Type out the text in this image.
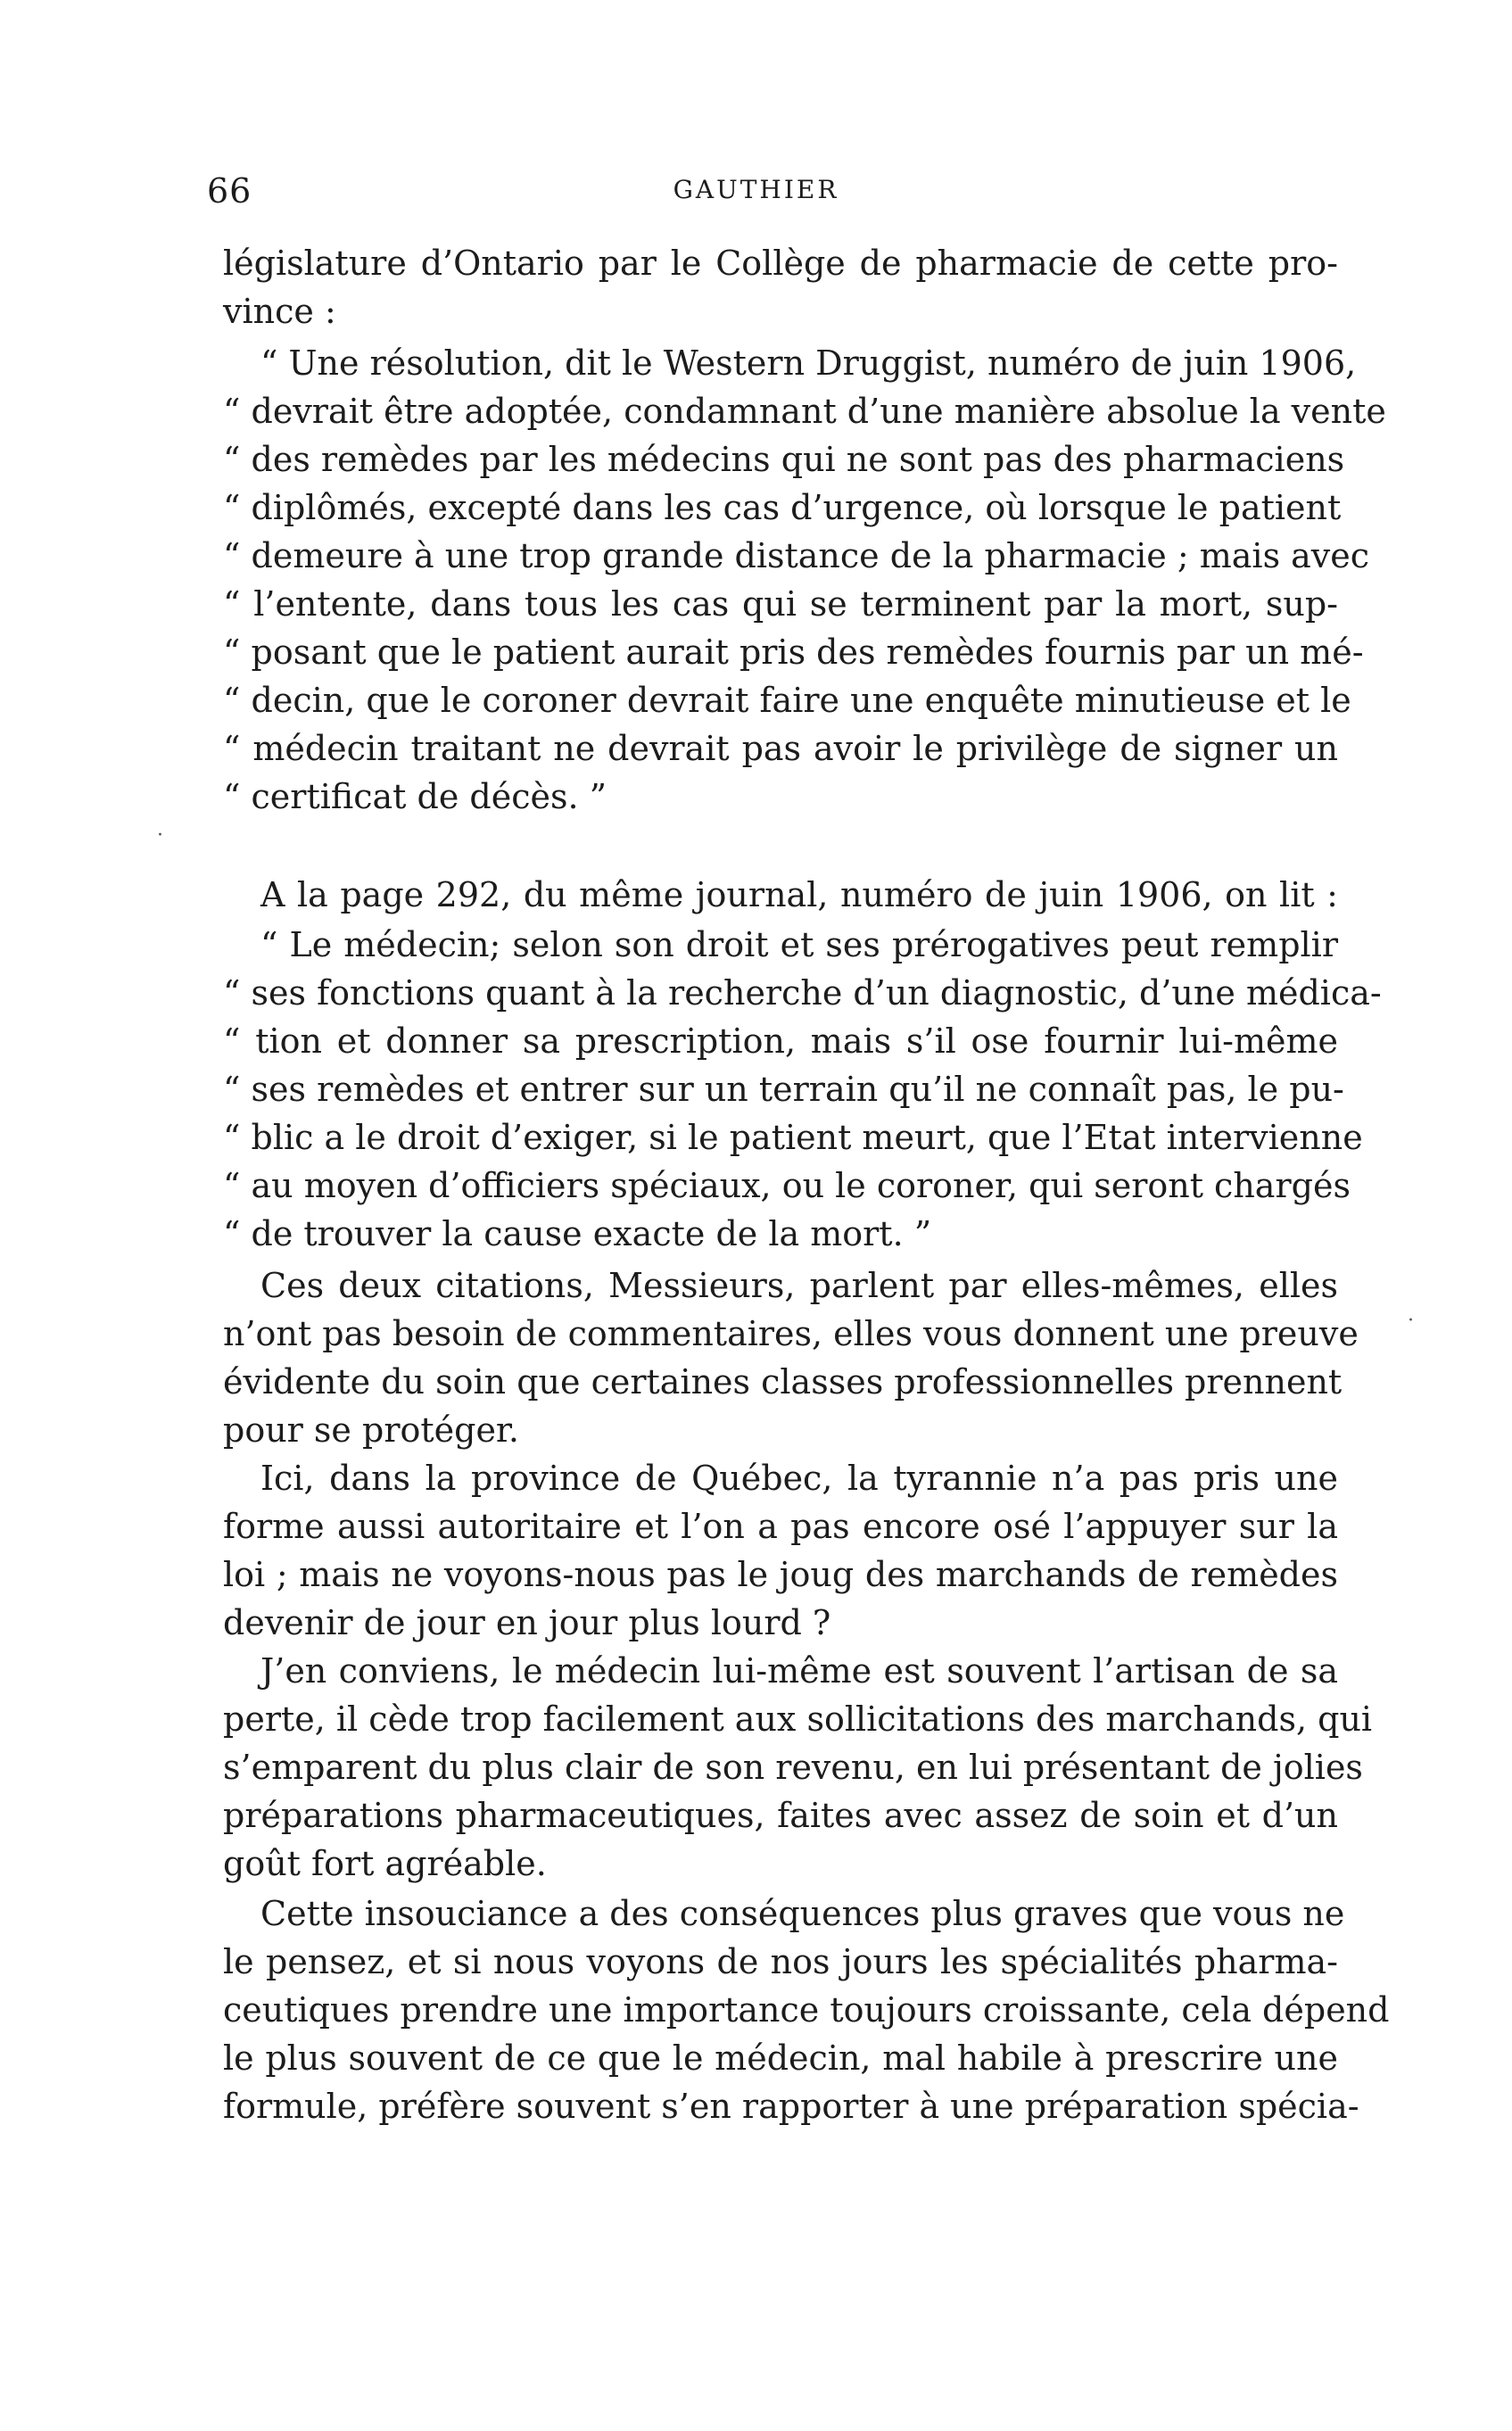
66	GAUTHIER
législature d’Ontario par le Collège de pharmacie de cette pro-
vince :
“ Une résolution, dit le Western Druggist, numéro de juin 1906,
“ devrait être adoptée, condamnant d’une manière absolue la vente
“ des remèdes par les médecins qui ne sont pas des pharmaciens
“ diplômés, excepté dans les cas d’urgence, où lorsque le patient
“ demeure à une trop grande distance de la pharmacie ; mais avec
“ l’entente, dans tous les cas qui se terminent par la mort, sup-
“ posant que le patient aurait pris des remèdes fournis par un mé-
“ decin, que le coroner devrait faire une enquête minutieuse et le
“ médecin traitant ne devrait pas avoir le privilège de signer un
“ certificat de décès. ”
A la page 292, du même journal, numéro de juin 1906, on lit :
“ Le médecin; selon son droit et ses prérogatives peut remplir
“ ses fonctions quant à la recherche d’un diagnostic, d’une médica-
“ tion et donner sa prescription, mais s’il ose fournir lui-même
“ ses remèdes et entrer sur un terrain qu’il ne connaît pas, le pu-
“ blic a le droit d’exiger, si le patient meurt, que l’Etat intervienne
“ au moyen d’officiers spéciaux, ou le coroner, qui seront chargés
“ de trouver la cause exacte de la mort. ”
Ces deux citations, Messieurs, parlent par elles-mêmes, elles
n’ont pas besoin de commentaires, elles vous donnent une preuve
évidente du soin que certaines classes professionnelles prennent
pour se protéger.
Ici, dans la province de Québec, la tyrannie n’a pas pris une
forme aussi autoritaire et l’on a pas encore osé l’appuyer sur la
loi ; mais ne voyons-nous pas le joug des marchands de remèdes
devenir de jour en jour plus lourd ?
J’en conviens, le médecin lui-même est souvent l’artisan de sa
perte, il cède trop facilement aux sollicitations des marchands, qui
s’emparent du plus clair de son revenu, en lui présentant de jolies
préparations pharmaceutiques, faites avec assez de soin et d’un
goût fort agréable.
Cette insouciance a des conséquences plus graves que vous ne
le pensez, et si nous voyons de nos jours les spécialités pharma-
ceutiques prendre une importance toujours croissante, cela dépend
le plus souvent de ce que le médecin, mal habile à prescrire une
formule, préfère souvent s’en rapporter à une préparation spécia-
·
·
